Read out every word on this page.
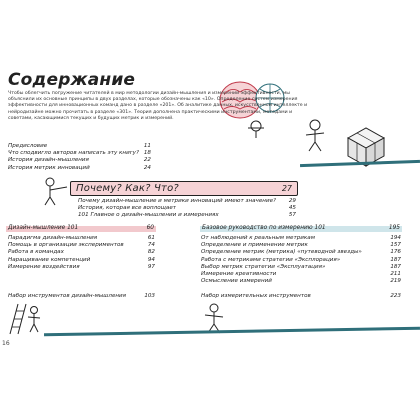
Содержание
Чтобы облегчить погружение читателей в мир методологии дизайн-мышления и измерений эффективности, мы объяснили их основные принципы в двух разделах, которые обозначены как «10». Определение систем измерения эффективности для инновационных команд дано в разделе «201». Об аналитике данных, искусственном интеллекте и нейродизайне можно прочитать в разделе «301». Теория дополнена практическими инструментами, методами и советами, касающимися текущих и будущих метрик и измерений.
Предисловие	11
Что сподвигло авторов написать эту книгу? 18
История дизайн-мышления	22
История метрик инноваций	24
Почему? Как? Что?	27
Почему дизайн-мышление и метрики инноваций имеют значение?	29
История, которая все воплощает	45
101 Главное о дизайн-мышлении и измерениях	57
Дизайн-мышление 101	60	Базовое руководство по измерению 101	195
Парадигма дизайн-мышления	61
Помощь в организации экспериментов	74
Работа в командах	82
Наращивание компетенций	94
Измерение воздействия	97
От наблюдений к реальным метрикам	194
Определение и применение метрик	157
Определение метрик (метрика) «путеводной звезды»	176
Работа с метриками стратегии «Эксплорация»	187
Выбор метрик стратегии «Эксплуатация»	187
Измерение креативности	211
Осмысление измерений	219
Набор инструментов дизайн-мышления	103	Набор измерительных инструментов	223
16
